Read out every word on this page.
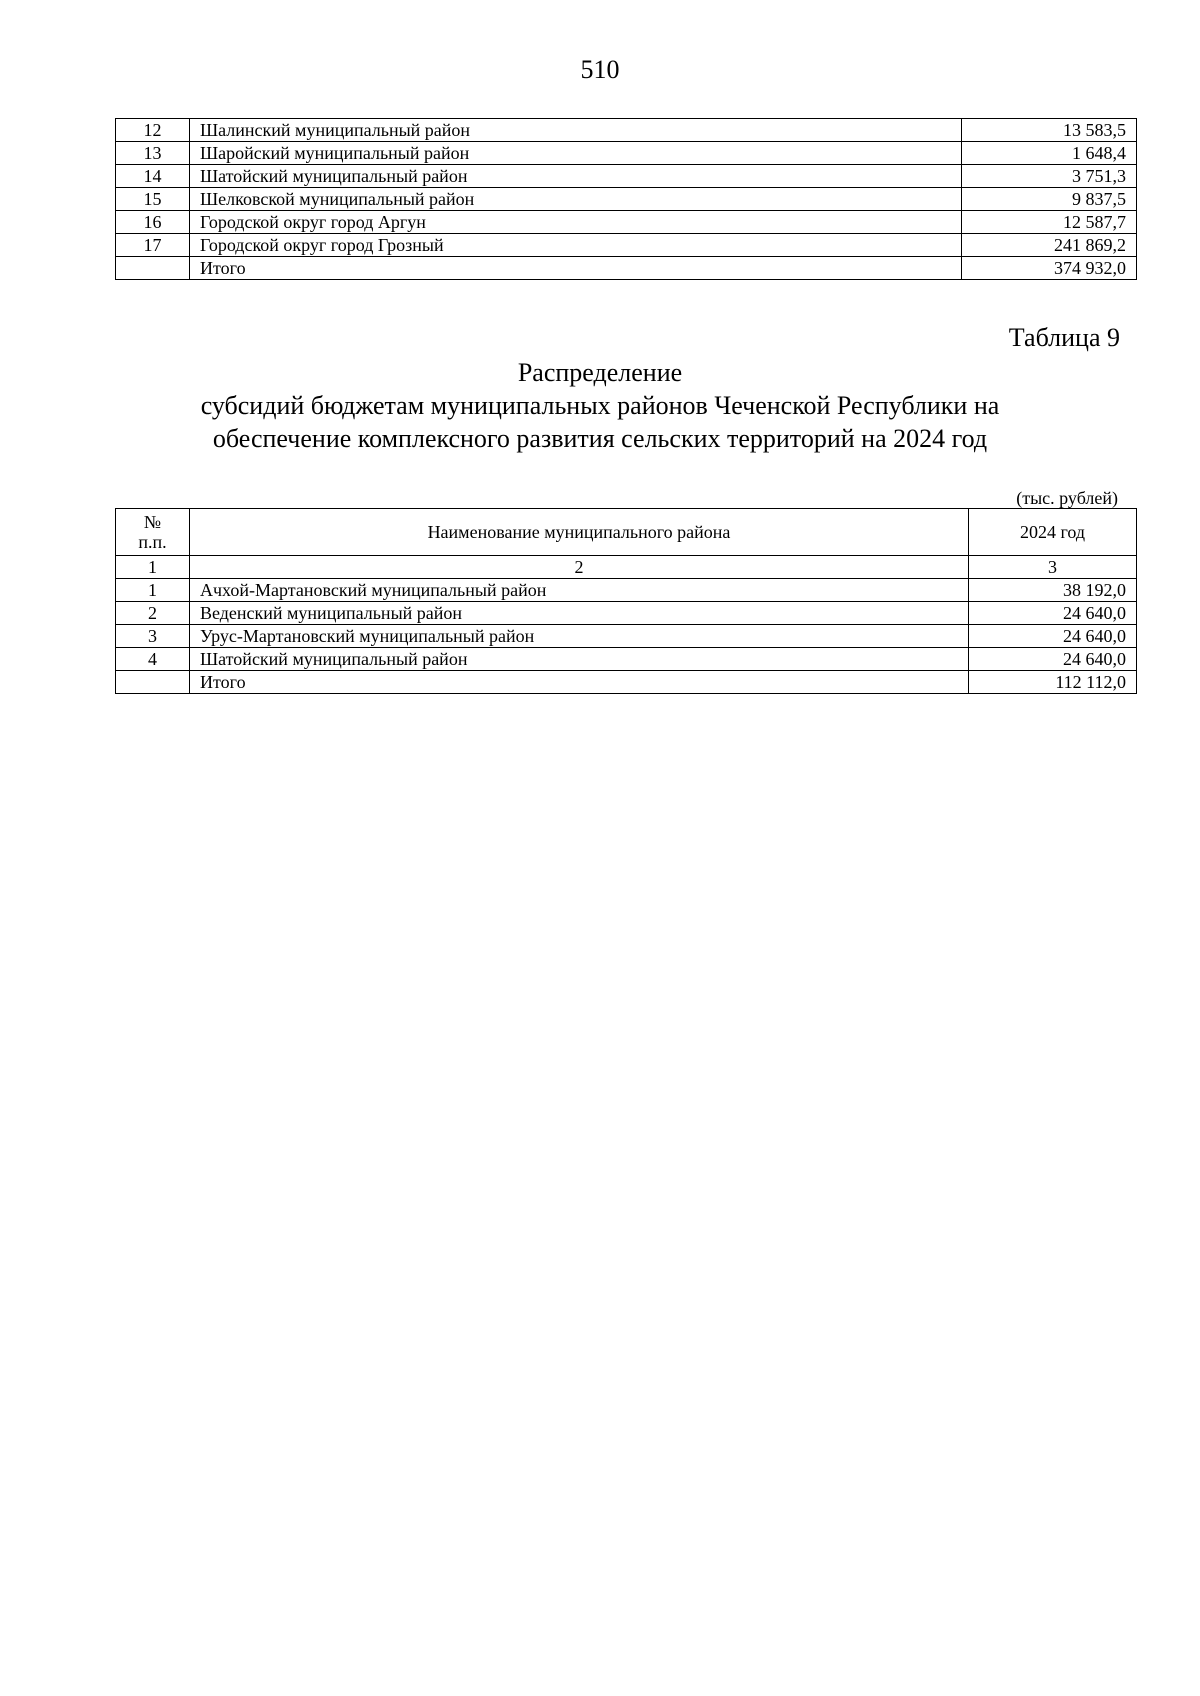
510
12	Шалинский муниципальный район	13 583,5
13	Шаройский муниципальный район	1 648,4
14	Шатойский муниципальный район	3 751,3
15	Шелковской муниципальный район	9 837,5
16	Городской округ город Аргун	12 587,7
17	Городской округ город Грозный	241 869,2
	Итого	374 932,0
Таблица 9
Распределение
субсидий бюджетам муниципальных районов Чеченской Республики на
обеспечение комплексного развития сельских территорий на 2024 год
(тыс. рублей)
№
п.п.	Наименование муниципального района	2024 год
1	2	3
1	Ачхой-Мартановский муниципальный район	38 192,0
2	Веденский муниципальный район	24 640,0
3	Урус-Мартановский муниципальный район	24 640,0
4	Шатойский муниципальный район	24 640,0
	Итого	112 112,0
